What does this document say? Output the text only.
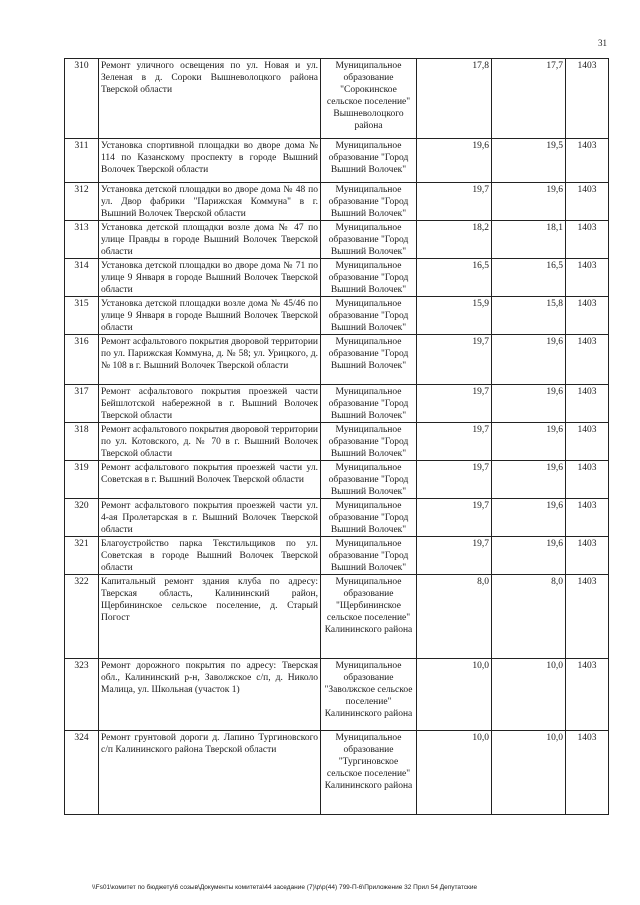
31
310	Ремонт уличного освещения по ул. Новая и ул. Зеленая в д. Сороки Вышневолоцкого района Тверской области	Муниципальное образование "Сорокинское сельское поселение" Вышневолоцкого района	17,8	17,7	1403
311	Установка спортивной площадки во дворе дома № 114 по Казанскому проспекту в городе Вышний Волочек Тверской области	Муниципальное образование "Город Вышний Волочек"	19,6	19,5	1403
312	Установка детской площадки во дворе дома № 48 по ул. Двор фабрики "Парижская Коммуна" в г. Вышний Волочек Тверской области	Муниципальное образование "Город Вышний Волочек"	19,7	19,6	1403
313	Установка детской площадки возле дома № 47 по улице Правды в городе Вышний Волочек Тверской области	Муниципальное образование "Город Вышний Волочек"	18,2	18,1	1403
314	Установка детской площадки во дворе дома № 71 по улице 9 Января в городе Вышний Волочек Тверской области	Муниципальное образование "Город Вышний Волочек"	16,5	16,5	1403
315	Установка детской площадки возле дома № 45/46 по улице 9 Января в городе Вышний Волочек Тверской области	Муниципальное образование "Город Вышний Волочек"	15,9	15,8	1403
316	Ремонт асфальтового покрытия дворовой территории по ул. Парижская Коммуна, д. № 58; ул. Урицкого, д. № 108 в г. Вышний Волочек Тверской области	Муниципальное образование "Город Вышний Волочек"	19,7	19,6	1403
317	Ремонт асфальтового покрытия проезжей части Бейшлотской набережной в г. Вышний Волочек Тверской области	Муниципальное образование "Город Вышний Волочек"	19,7	19,6	1403
318	Ремонт асфальтового покрытия дворовой территории по ул. Котовского, д. № 70 в г. Вышний Волочек Тверской области	Муниципальное образование "Город Вышний Волочек"	19,7	19,6	1403
319	Ремонт асфальтового покрытия проезжей части ул. Советская в г. Вышний Волочек Тверской области	Муниципальное образование "Город Вышний Волочек"	19,7	19,6	1403
320	Ремонт асфальтового покрытия проезжей части ул. 4-ая Пролетарская в г. Вышний Волочек Тверской области	Муниципальное образование "Город Вышний Волочек"	19,7	19,6	1403
321	Благоустройство парка Текстильщиков по ул. Советская в городе Вышний Волочек Тверской области	Муниципальное образование "Город Вышний Волочек"	19,7	19,6	1403
322	Капитальный ремонт здания клуба по адресу: Тверская область, Калининский район, Щербининское сельское поселение, д. Старый Погост	Муниципальное образование "Щербининское сельское поселение" Калининского района	8,0	8,0	1403
323	Ремонт дорожного покрытия по адресу: Тверская обл., Калининский р-н, Заволжское с/п, д. Николо Малица, ул. Школьная (участок 1)	Муниципальное образование "Заволжское сельское поселение" Калининского района	10,0	10,0	1403
324	Ремонт грунтовой дороги д. Лапино Тургиновского с/п Калининского района Тверской области	Муниципальное образование "Тургиновское сельское поселение" Калининского района	10,0	10,0	1403
\\Fs01\комитет по бюджету\6 созыв\Документы комитета\44 заседание (7)\р\р(44) 799-П-6\Приложение 32 Прил 54 Депутатские
